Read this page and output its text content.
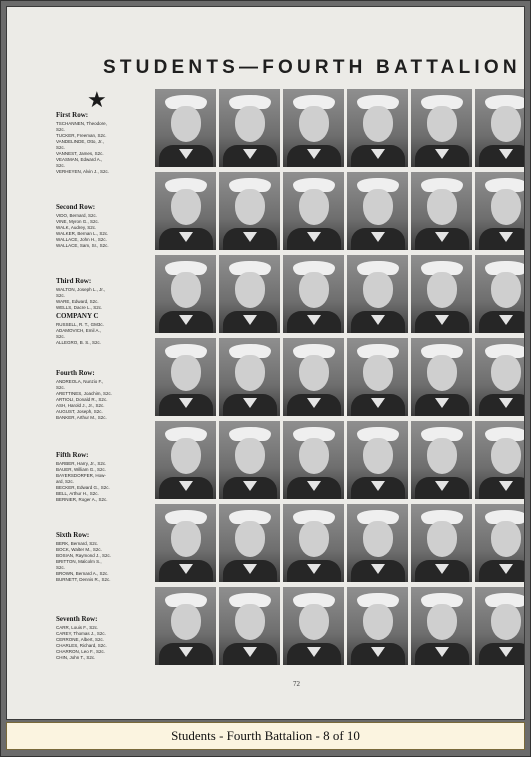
STUDENTS—FOURTH BATTALION
★
First Row:
TSCHANNEN, Theodore,
S2c.
TUCKER, Freeman, S2c.
VANDELINDE, Otto, Jr.,
S2c.
VANNEST, James, S2c.
VEASMAN, Edward A.,
S2c.
VERHEYEN, Alvin J., S2c.
Second Row:
VIDO, Bernard, S2c.
VINE, Myron G., S2c.
WALK, Audrey, S2c.
WALKER, Bernan L., S2c.
WALLACE, John H., S2c.
WALLACE, Sam, Sr., S2c.
Third Row:
WALTON, Joseph L., Jr.,
S2c.
WARE, Edward, S2c.
WELLS, Dacre L., S2c.
COMPANY C
RUSSELL, R. T., GM3c.
ADAMOVICH, Emil A.,
S2c.
ALLEGRO, B. S., S2c.
Fourth Row:
ANDREOLA, Nunzio F.,
S2c.
ARETTINES, Joachim, S2c.
ARTIOLI, Donald R., S2c.
ASH, Harold J., Jr., S2c.
AUGUST, Joseph, S2c.
BANKER, Arthur M., S2c.
Fifth Row:
BARBER, Harry, Jr., S2c.
BAUER, William G., S2c.
BAYERSDORFER, How-
ard, S2c.
BECKER, Edward G., S2c.
BELL, Arthur H., S2c.
BERNIER, Roger A., S2c.
Sixth Row:
BERK, Bernard, S2c.
BOCK, Walter M., S2c.
BOSIAN, Raymond J., S2c.
BRITTON, Malcolm S.,
S2c.
BROWN, Bernard A., S2c.
BURNETT, Dennis R., S2c.
Seventh Row:
CARR, Louis F., S2c.
CAREY, Thomas J., S2c.
CERRONE, Albert, S2c.
CHARLES, Richard, S2c.
CHARRON, Leo F., S2c.
CHIN, John T., S2c.
72
Students - Fourth Battalion - 8 of 10
